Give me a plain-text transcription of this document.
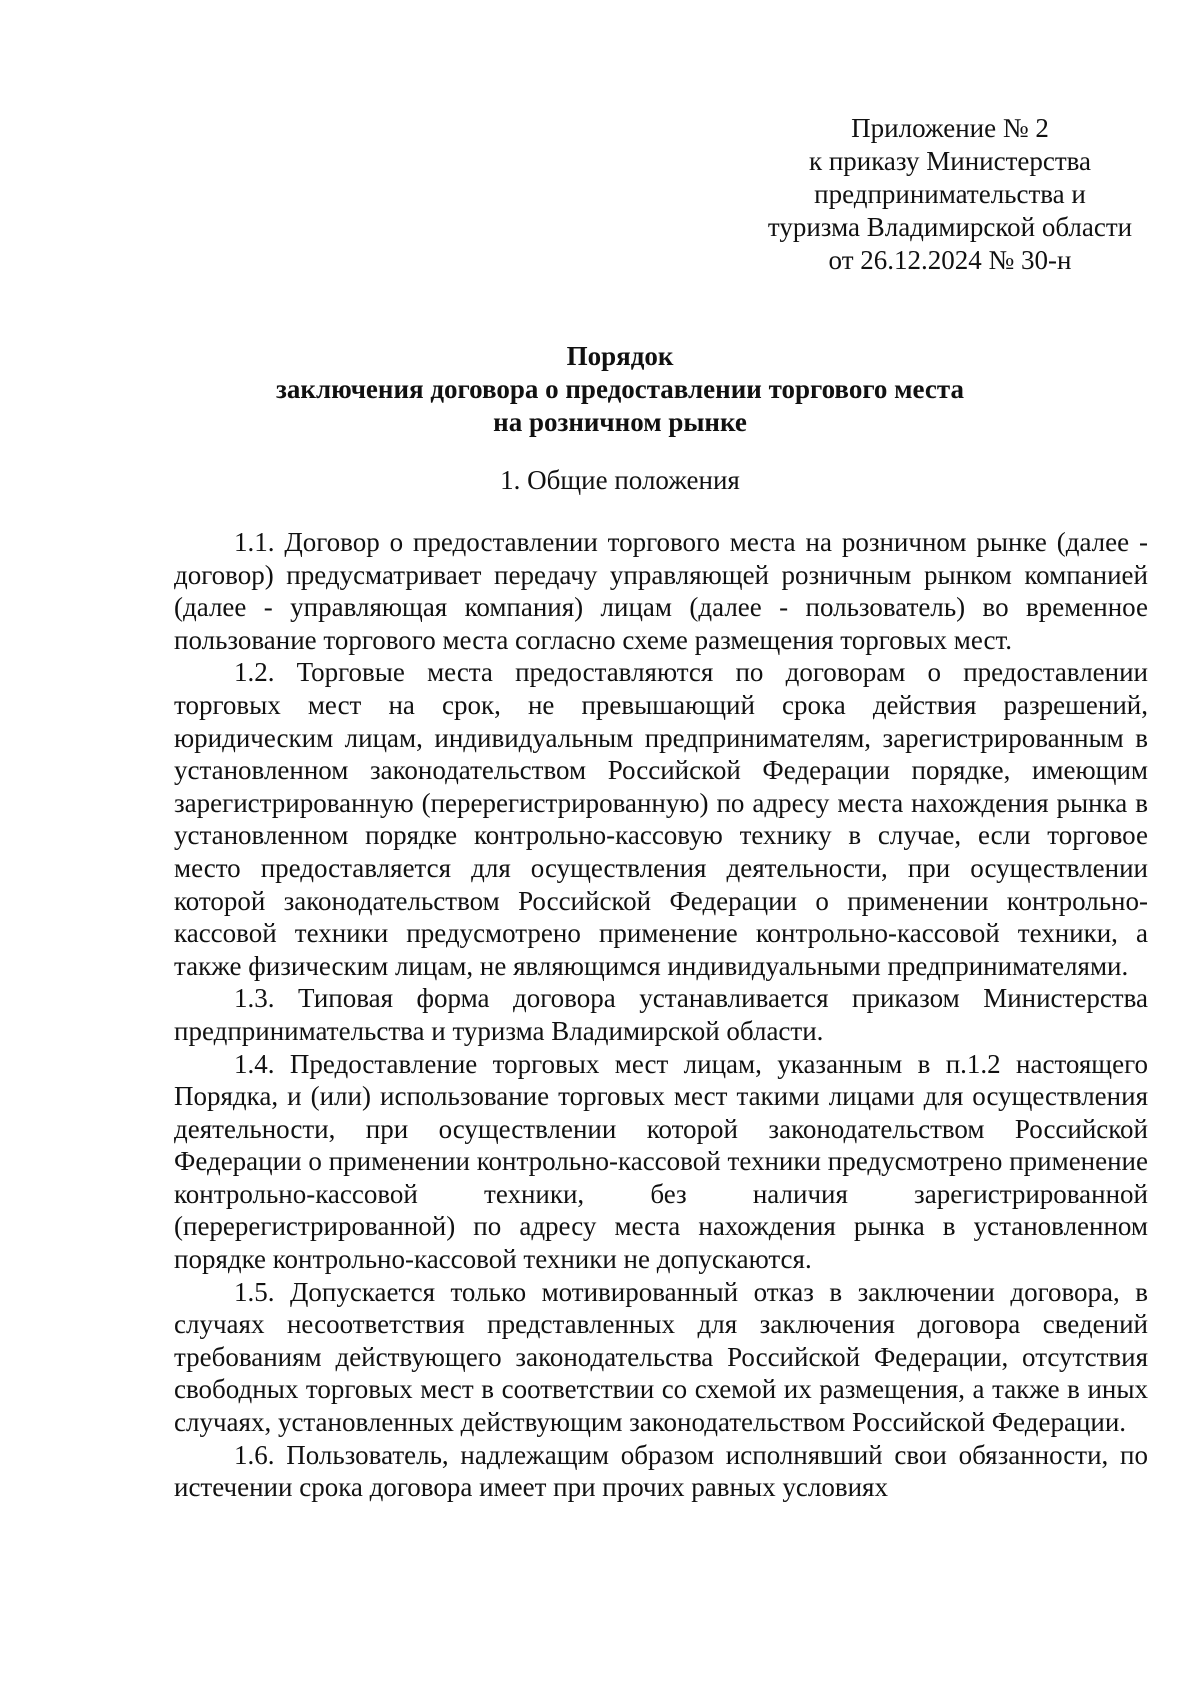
Приложение № 2
к приказу Министерства
предпринимательства и
туризма Владимирской области
от 26.12.2024 № 30-н
Порядок
заключения договора о предоставлении торгового места
на розничном рынке
1. Общие положения

1.1. Договор о предоставлении торгового места на розничном рынке (далее - договор) предусматривает передачу управляющей розничным рынком компанией (далее - управляющая компания) лицам (далее - пользователь) во временное пользование торгового места согласно схеме размещения торговых мест.

1.2. Торговые места предоставляются по договорам о предоставлении торговых мест на срок, не превышающий срока действия разрешений, юридическим лицам, индивидуальным предпринимателям, зарегистрированным в установленном законодательством Российской Федерации порядке, имеющим зарегистрированную (перерегистрированную) по адресу места нахождения рынка в установленном порядке контрольно-кассовую технику в случае, если торговое место предоставляется для осуществления деятельности, при осуществлении которой законодательством Российской Федерации о применении контрольно-кассовой техники предусмотрено применение контрольно-кассовой техники, а также физическим лицам, не являющимся индивидуальными предпринимателями.

1.3. Типовая форма договора устанавливается приказом Министерства предпринимательства и туризма Владимирской области.

1.4. Предоставление торговых мест лицам, указанным в п.1.2 настоящего Порядка, и (или) использование торговых мест такими лицами для осуществления деятельности, при осуществлении которой законодательством Российской Федерации о применении контрольно-кассовой техники предусмотрено применение контрольно-кассовой техники, без наличия зарегистрированной (перерегистрированной) по адресу места нахождения рынка в установленном порядке контрольно-кассовой техники не допускаются.

1.5. Допускается только мотивированный отказ в заключении договора, в случаях несоответствия представленных для заключения договора сведений требованиям действующего законодательства Российской Федерации, отсутствия свободных торговых мест в соответствии со схемой их размещения, а также в иных случаях, установленных действующим законодательством Российской Федерации.

1.6. Пользователь, надлежащим образом исполнявший свои обязанности, по истечении срока договора имеет при прочих равных условиях
